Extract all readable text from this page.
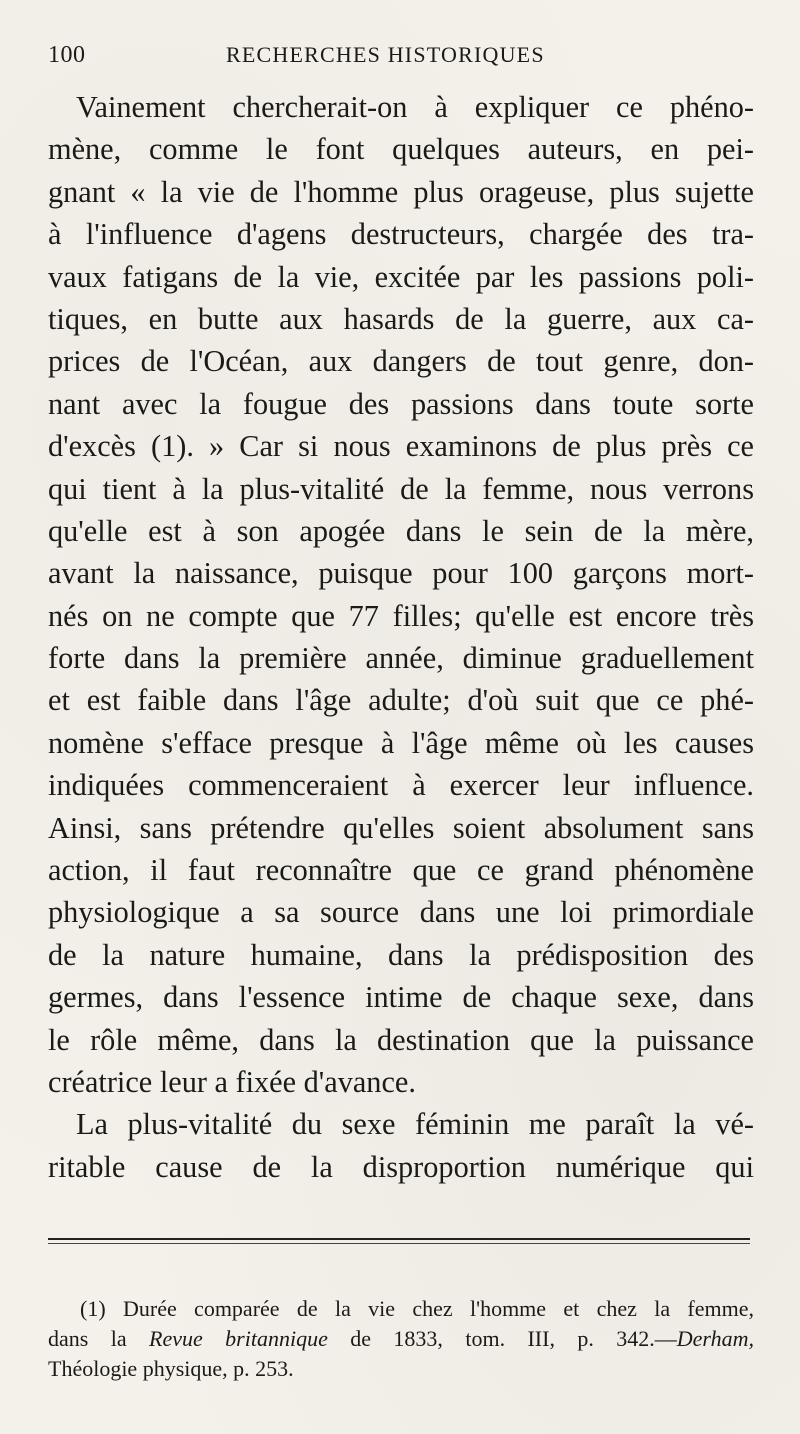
100	RECHERCHES HISTORIQUES
Vainement chercherait-on à expliquer ce phéno-
mène, comme le font quelques auteurs, en pei-
gnant « la vie de l'homme plus orageuse, plus sujette
à l'influence d'agens destructeurs, chargée des tra-
vaux fatigans de la vie, excitée par les passions poli-
tiques, en butte aux hasards de la guerre, aux ca-
prices de l'Océan, aux dangers de tout genre, don-
nant avec la fougue des passions dans toute sorte
d'excès (1). » Car si nous examinons de plus près ce
qui tient à la plus-vitalité de la femme, nous verrons
qu'elle est à son apogée dans le sein de la mère,
avant la naissance, puisque pour 100 garçons mort-
nés on ne compte que 77 filles; qu'elle est encore très
forte dans la première année, diminue graduellement
et est faible dans l'âge adulte; d'où suit que ce phé-
nomène s'efface presque à l'âge même où les causes
indiquées commenceraient à exercer leur influence.
Ainsi, sans prétendre qu'elles soient absolument sans
action, il faut reconnaître que ce grand phénomène
physiologique a sa source dans une loi primordiale
de la nature humaine, dans la prédisposition des
germes, dans l'essence intime de chaque sexe, dans
le rôle même, dans la destination que la puissance
créatrice leur a fixée d'avance.
La plus-vitalité du sexe féminin me paraît la vé-
ritable cause de la disproportion numérique qui
(1) Durée comparée de la vie chez l'homme et chez la femme,
dans la Revue britannique de 1833, tom. III, p. 342.—Derham,
Théologie physique, p. 253.
